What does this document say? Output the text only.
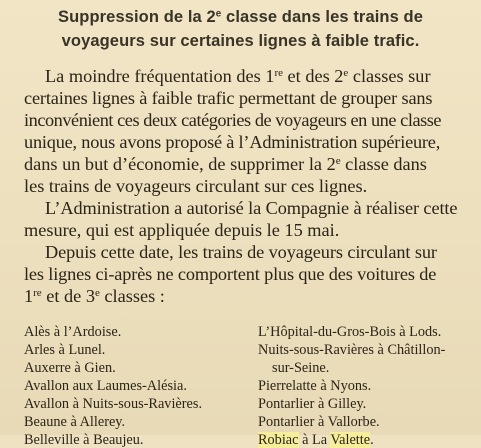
Suppression de la 2e classe dans les trains de
voyageurs sur certaines lignes à faible trafic.
La moindre fréquentation des 1re et des 2e classes sur
certaines lignes à faible trafic permettant de grouper sans
inconvénient ces deux catégories de voyageurs en une classe
unique, nous avons proposé à l’Administration supérieure,
dans un but d’économie, de supprimer la 2e classe dans
les trains de voyageurs circulant sur ces lignes.
L’Administration a autorisé la Compagnie à réaliser cette
mesure, qui est appliquée depuis le 15 mai.
Depuis cette date, les trains de voyageurs circulant sur
les lignes ci-après ne comportent plus que des voitures de
1re et de 3e classes :
Alès à l’Ardoise.
Arles à Lunel.
Auxerre à Gien.
Avallon aux Laumes-Alésia.
Avallon à Nuits-sous-Ravières.
Beaune à Allerey.
Belleville à Beaujeu.
L’Hôpital-du-Gros-Bois à Lods.
Nuits-sous-Ravières à Châtillon-
sur-Seine.
Pierrelatte à Nyons.
Pontarlier à Gilley.
Pontarlier à Vallorbe.
Robiac à La Valette.
